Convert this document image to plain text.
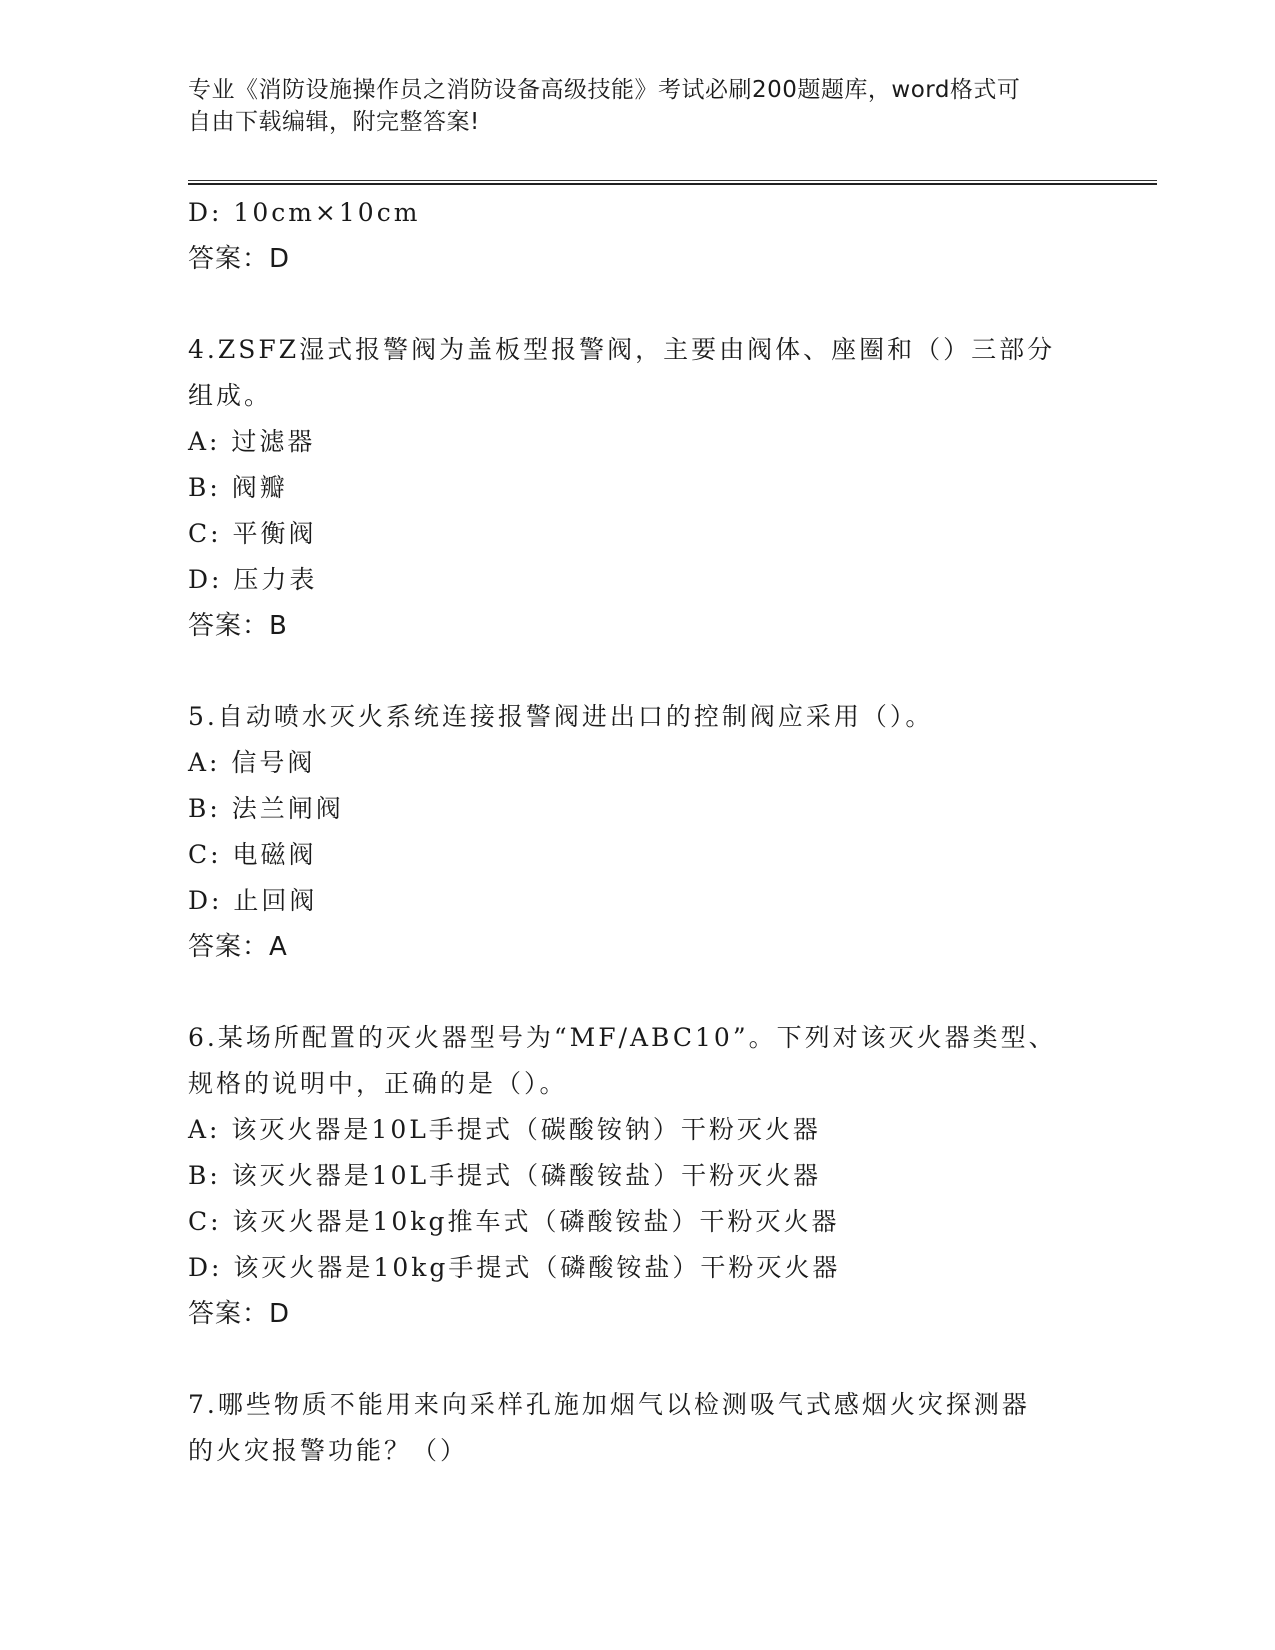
专业《消防设施操作员之消防设备高级技能》考试必刷200题题库，word格式可
自由下载编辑，附完整答案!
D: 10cm×10cm
答案：D
4.ZSFZ湿式报警阀为盖板型报警阀，主要由阀体、座圈和（）三部分
组成。
A: 过滤器
B: 阀瓣
C: 平衡阀
D: 压力表
答案：B
5.自动喷水灭火系统连接报警阀进出口的控制阀应采用（）。
A: 信号阀
B: 法兰闸阀
C: 电磁阀
D: 止回阀
答案：A
6.某场所配置的灭火器型号为“MF/ABC10”。下列对该灭火器类型、
规格的说明中，正确的是（）。
A: 该灭火器是10L手提式（碳酸铵钠）干粉灭火器
B: 该灭火器是10L手提式（磷酸铵盐）干粉灭火器
C: 该灭火器是10kg推车式（磷酸铵盐）干粉灭火器
D: 该灭火器是10kg手提式（磷酸铵盐）干粉灭火器
答案：D
7.哪些物质不能用来向采样孔施加烟气以检测吸气式感烟火灾探测器
的火灾报警功能？（）
